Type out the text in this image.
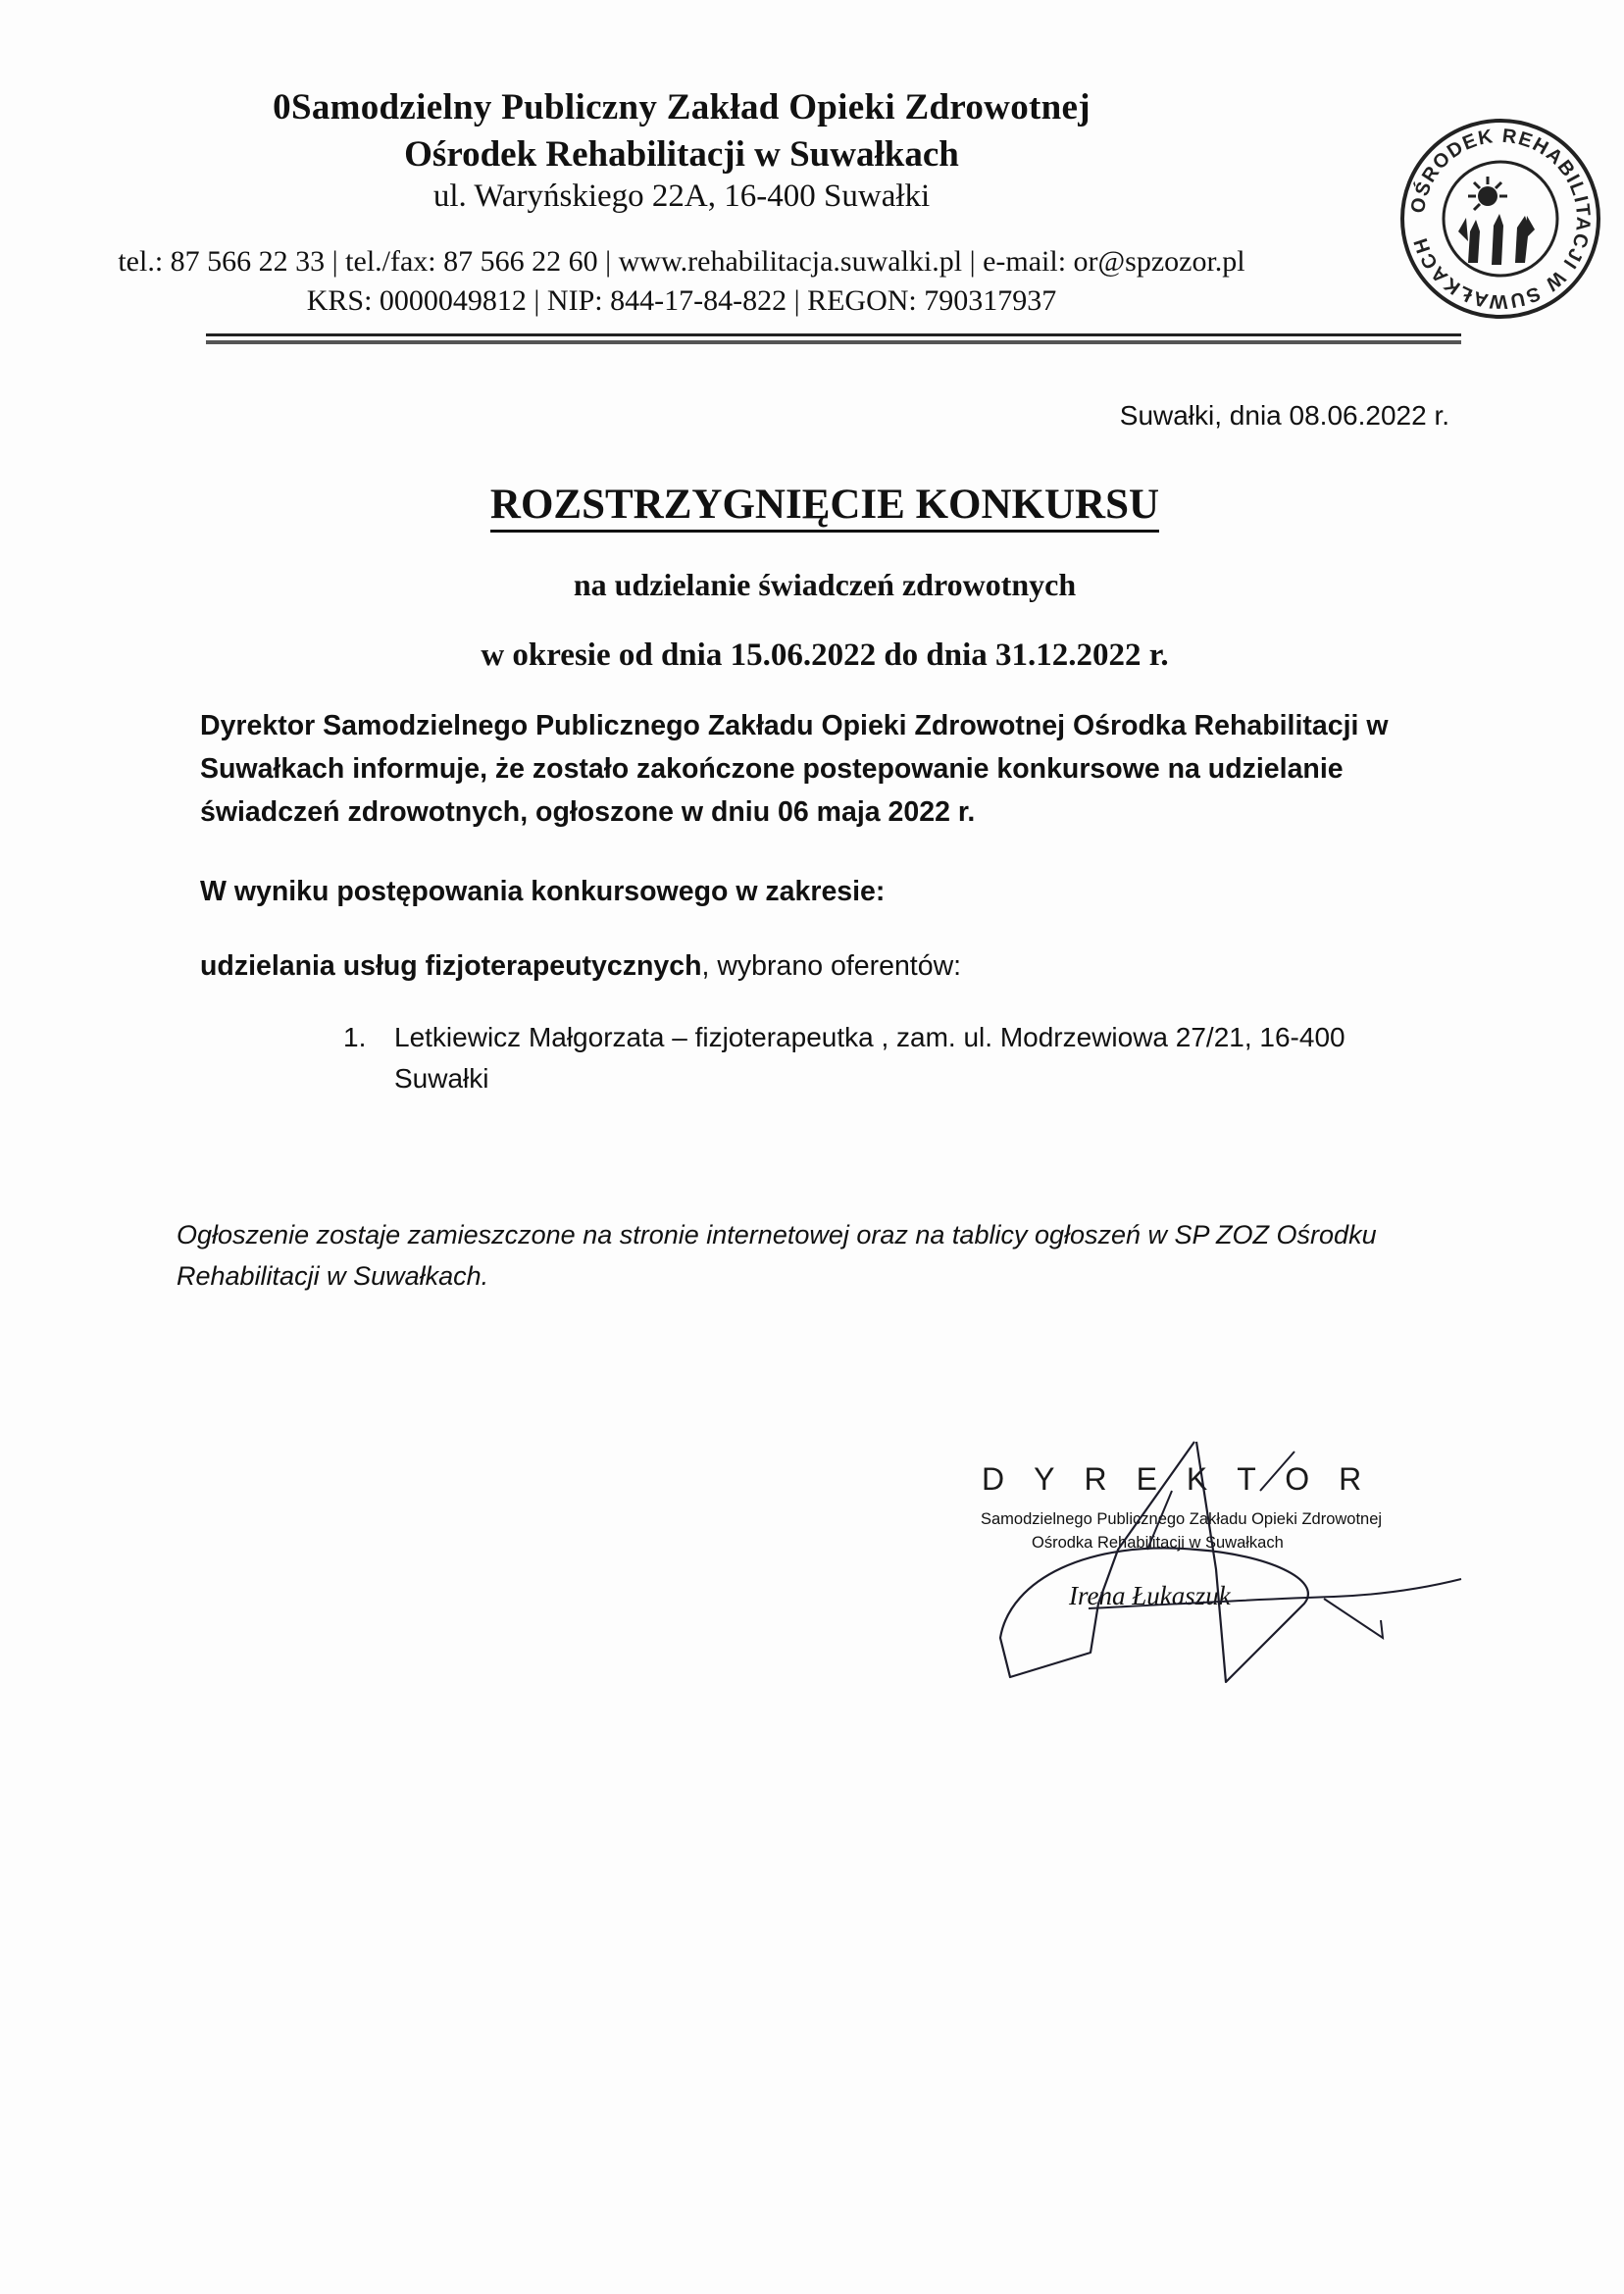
0Samodzielny Publiczny Zakład Opieki Zdrowotnej
Ośrodek Rehabilitacji w Suwałkach
ul. Waryńskiego 22A, 16-400 Suwałki
tel.: 87 566 22 33 | tel./fax: 87 566 22 60 | www.rehabilitacja.suwalki.pl | e-mail: or@spzozor.pl
KRS: 0000049812 | NIP: 844-17-84-822 | REGON: 790317937
OŚRODEK REHABILITACJI W SUWAŁKACH
Suwałki, dnia 08.06.2022 r.
ROZSTRZYGNIĘCIE KONKURSU
na udzielanie świadczeń zdrowotnych
w okresie od dnia 15.06.2022 do dnia 31.12.2022 r.
Dyrektor Samodzielnego Publicznego Zakładu Opieki Zdrowotnej Ośrodka Rehabilitacji w Suwałkach informuje, że zostało zakończone postepowanie konkursowe na udzielanie świadczeń zdrowotnych, ogłoszone w dniu 06 maja 2022 r.
W wyniku postępowania konkursowego w zakresie:
udzielania usług fizjoterapeutycznych, wybrano oferentów:
1. Letkiewicz Małgorzata – fizjoterapeutka , zam. ul. Modrzewiowa 27/21, 16-400 Suwałki
Ogłoszenie zostaje zamieszczone na stronie internetowej oraz na tablicy ogłoszeń w SP ZOZ Ośrodku Rehabilitacji w Suwałkach.
DYREKTOR
Samodzielnego Publicznego Zakładu Opieki Zdrowotnej
Ośrodka Rehabilitacji w Suwałkach
Irena Łukaszuk
